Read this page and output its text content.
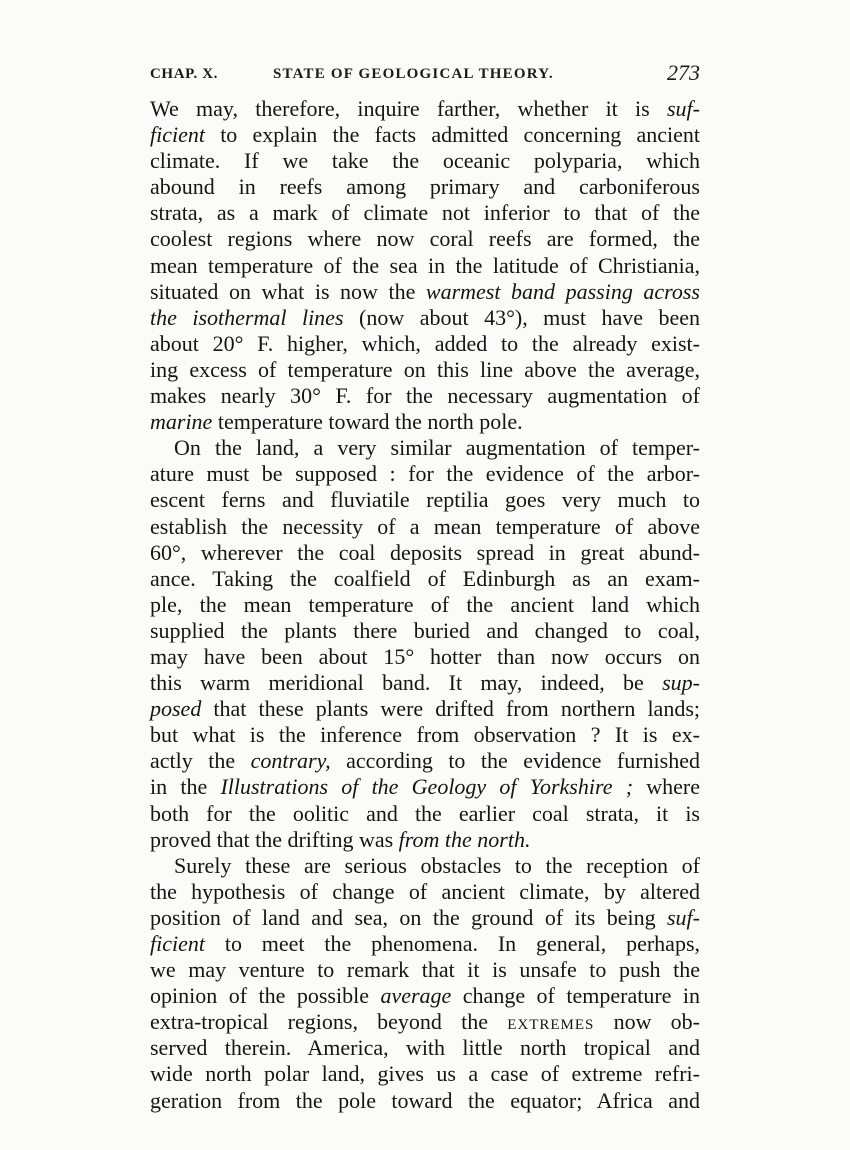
CHAP. X.	STATE OF GEOLOGICAL THEORY.	273
We may, therefore, inquire farther, whether it is suf-
ficient to explain the facts admitted concerning ancient
climate. If we take the oceanic polyparia, which
abound in reefs among primary and carboniferous
strata, as a mark of climate not inferior to that of the
coolest regions where now coral reefs are formed, the
mean temperature of the sea in the latitude of Christiania,
situated on what is now the warmest band passing across
the isothermal lines (now about 43°), must have been
about 20° F. higher, which, added to the already exist-
ing excess of temperature on this line above the average,
makes nearly 30° F. for the necessary augmentation of
marine temperature toward the north pole.
On the land, a very similar augmentation of temper-
ature must be supposed : for the evidence of the arbor-
escent ferns and fluviatile reptilia goes very much to
establish the necessity of a mean temperature of above
60°, wherever the coal deposits spread in great abund-
ance. Taking the coalfield of Edinburgh as an exam-
ple, the mean temperature of the ancient land which
supplied the plants there buried and changed to coal,
may have been about 15° hotter than now occurs on
this warm meridional band. It may, indeed, be sup-
posed that these plants were drifted from northern lands;
but what is the inference from observation ? It is ex-
actly the contrary, according to the evidence furnished
in the Illustrations of the Geology of Yorkshire ; where
both for the oolitic and the earlier coal strata, it is
proved that the drifting was from the north.
Surely these are serious obstacles to the reception of
the hypothesis of change of ancient climate, by altered
position of land and sea, on the ground of its being suf-
ficient to meet the phenomena. In general, perhaps,
we may venture to remark that it is unsafe to push the
opinion of the possible average change of temperature in
extra-tropical regions, beyond the extremes now ob-
served therein. America, with little north tropical and
wide north polar land, gives us a case of extreme refri-
geration from the pole toward the equator; Africa and
